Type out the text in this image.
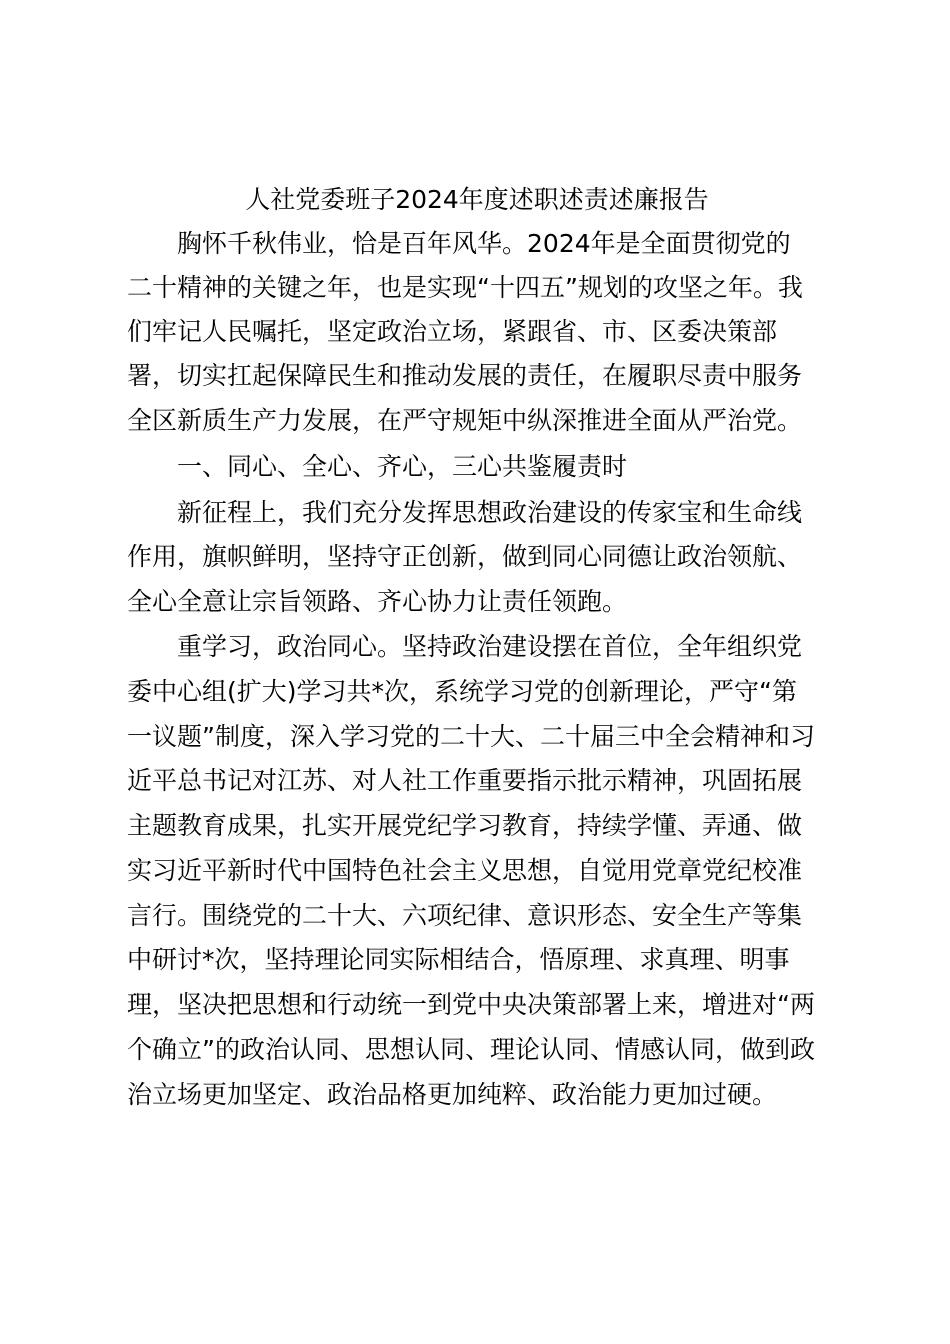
人社党委班子2024年度述职述责述廉报告

胸怀千秋伟业，恰是百年风华。2024年是全面贯彻党的

二十精神的关键之年，也是实现“十四五”规划的攻坚之年。我

们牢记人民嘱托，坚定政治立场，紧跟省、市、区委决策部

署，切实扛起保障民生和推动发展的责任，在履职尽责中服务

全区新质生产力发展，在严守规矩中纵深推进全面从严治党。

一、同心、全心、齐心，三心共鉴履责时

新征程上，我们充分发挥思想政治建设的传家宝和生命线

作用，旗帜鲜明，坚持守正创新，做到同心同德让政治领航、

全心全意让宗旨领路、齐心协力让责任领跑。

重学习，政治同心。坚持政治建设摆在首位，全年组织党

委中心组(扩大)学习共*次，系统学习党的创新理论，严守“第

一议题”制度，深入学习党的二十大、二十届三中全会精神和习

近平总书记对江苏、对人社工作重要指示批示精神，巩固拓展

主题教育成果，扎实开展党纪学习教育，持续学懂、弄通、做

实习近平新时代中国特色社会主义思想，自觉用党章党纪校准

言行。围绕党的二十大、六项纪律、意识形态、安全生产等集

中研讨*次，坚持理论同实际相结合，悟原理、求真理、明事

理，坚决把思想和行动统一到党中央决策部署上来，增进对“两

个确立”的政治认同、思想认同、理论认同、情感认同，做到政

治立场更加坚定、政治品格更加纯粹、政治能力更加过硬。
